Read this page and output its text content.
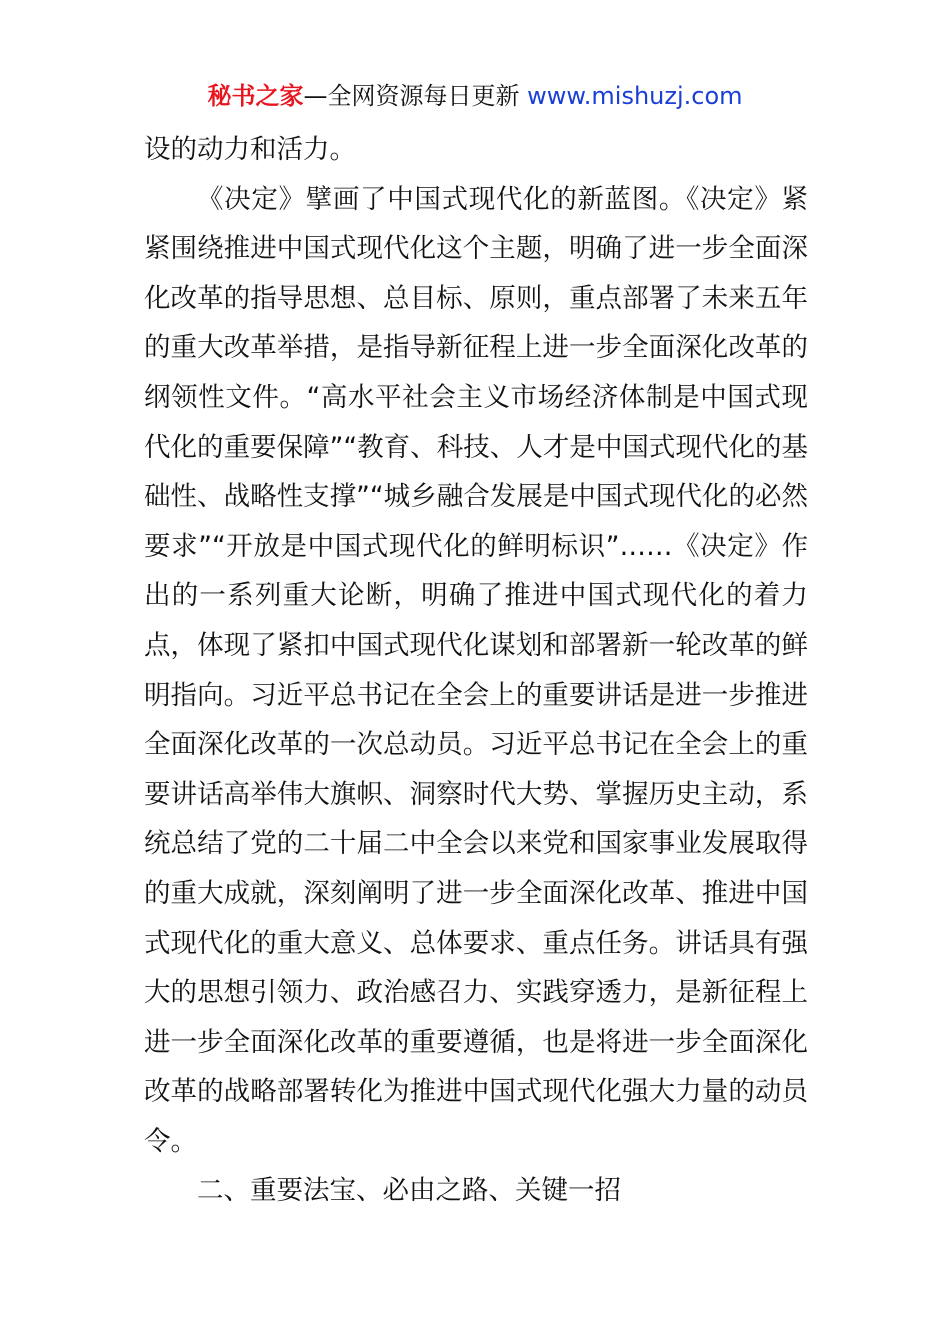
秘书之家—全网资源每日更新 www.mishuzj.com

设的动力和活力。

《决定》擘画了中国式现代化的新蓝图。《决定》紧紧围绕推进中国式现代化这个主题，明确了进一步全面深化改革的指导思想、总目标、原则，重点部署了未来五年的重大改革举措，是指导新征程上进一步全面深化改革的纲领性文件。“高水平社会主义市场经济体制是中国式现代化的重要保障”“教育、科技、人才是中国式现代化的基础性、战略性支撑”“城乡融合发展是中国式现代化的必然要求”“开放是中国式现代化的鲜明标识”……《决定》作出的一系列重大论断，明确了推进中国式现代化的着力点，体现了紧扣中国式现代化谋划和部署新一轮改革的鲜明指向。习近平总书记在全会上的重要讲话是进一步推进全面深化改革的一次总动员。习近平总书记在全会上的重要讲话高举伟大旗帜、洞察时代大势、掌握历史主动，系统总结了党的二十届二中全会以来党和国家事业发展取得的重大成就，深刻阐明了进一步全面深化改革、推进中国式现代化的重大意义、总体要求、重点任务。讲话具有强大的思想引领力、政治感召力、实践穿透力，是新征程上进一步全面深化改革的重要遵循，也是将进一步全面深化改革的战略部署转化为推进中国式现代化强大力量的动员令。

二、重要法宝、必由之路、关键一招
